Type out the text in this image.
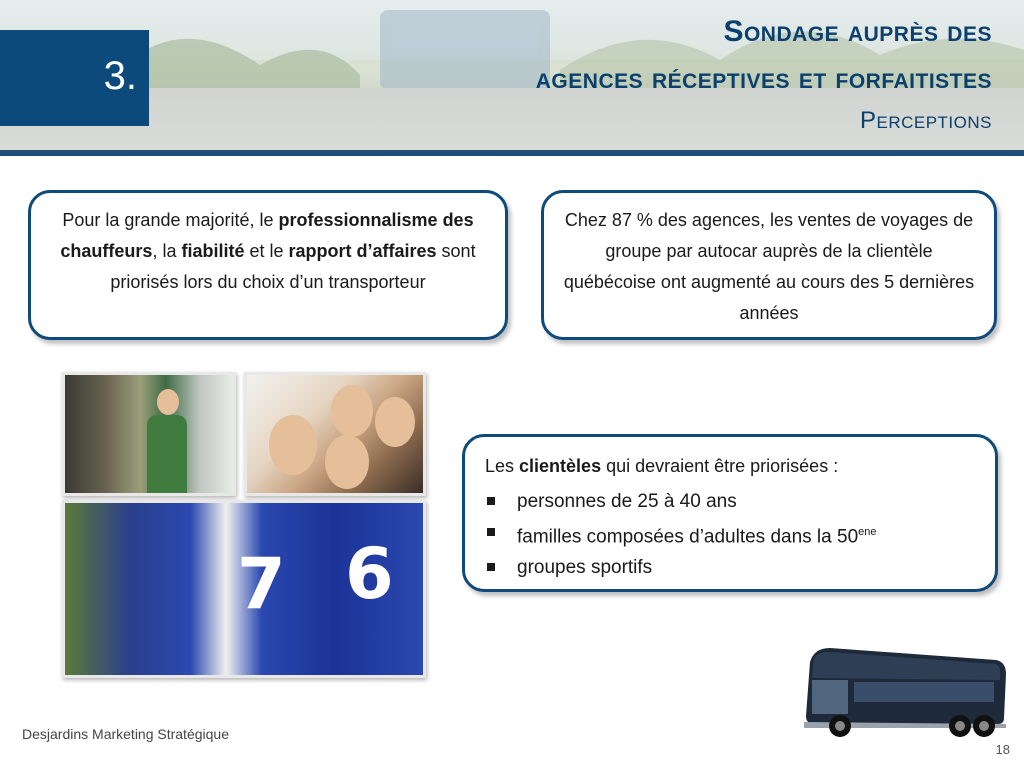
3.
Sondage auprès des
agences réceptives et forfaitistes
Perceptions
Pour la grande majorité, le professionnalisme des chauffeurs, la fiabilité et le rapport d’affaires sont priorisés lors du choix d’un transporteur
Chez 87 % des agences, les ventes de voyages de groupe par autocar auprès de la clientèle québécoise ont augmenté au cours des 5 dernières années
7 6
Les clientèles qui devraient être priorisées :
personnes de 25 à 40 ans
familles composées d’adultes dans la $50^{ene}$
groupes sportifs
Desjardins Marketing Stratégique
18
